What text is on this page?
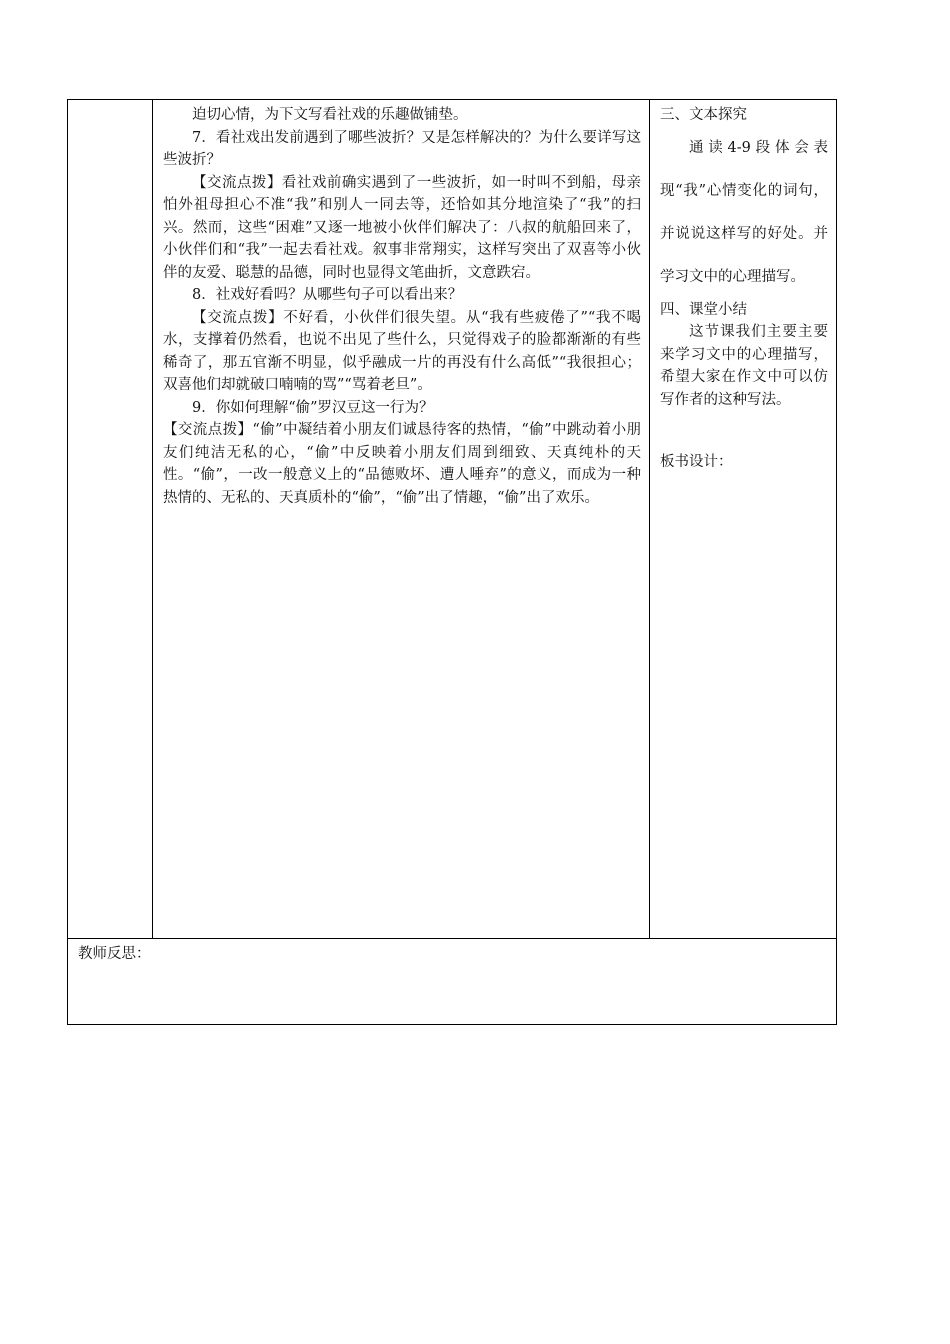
迫切心情，为下文写看社戏的乐趣做铺垫。

7．看社戏出发前遇到了哪些波折？又是怎样解决的？为什么要详写这些波折？

【交流点拨】看社戏前确实遇到了一些波折，如一时叫不到船，母亲怕外祖母担心不准“我”和别人一同去等，还恰如其分地渲染了“我”的扫兴。然而，这些“困难”又逐一地被小伙伴们解决了：八叔的航船回来了，小伙伴们和“我”一起去看社戏。叙事非常翔实，这样写突出了双喜等小伙伴的友爱、聪慧的品德，同时也显得文笔曲折，文意跌宕。

8．社戏好看吗？从哪些句子可以看出来？

【交流点拨】不好看，小伙伴们很失望。从“我有些疲倦了”“我不喝水，支撑着仍然看，也说不出见了些什么，只觉得戏子的脸都渐渐的有些稀奇了，那五官渐不明显，似乎融成一片的再没有什么高低”“我很担心；双喜他们却就破口喃喃的骂”“骂着老旦”。

9．你如何理解“偷”罗汉豆这一行为？

【交流点拨】“偷”中凝结着小朋友们诚恳待客的热情，“偷”中跳动着小朋友们纯洁无私的心，“偷”中反映着小朋友们周到细致、天真纯朴的天性。“偷”，一改一般意义上的“品德败坏、遭人唾弃”的意义，而成为一种热情的、无私的、天真质朴的“偷”，“偷”出了情趣，“偷”出了欢乐。

三、文本探究

通读4-9段体会表现“我”心情变化的词句，并说说这样写的好处。并学习文中的心理描写。

四、课堂小结

这节课我们主要主要来学习文中的心理描写，希望大家在作文中可以仿写作者的这种写法。

板书设计：

教师反思：
